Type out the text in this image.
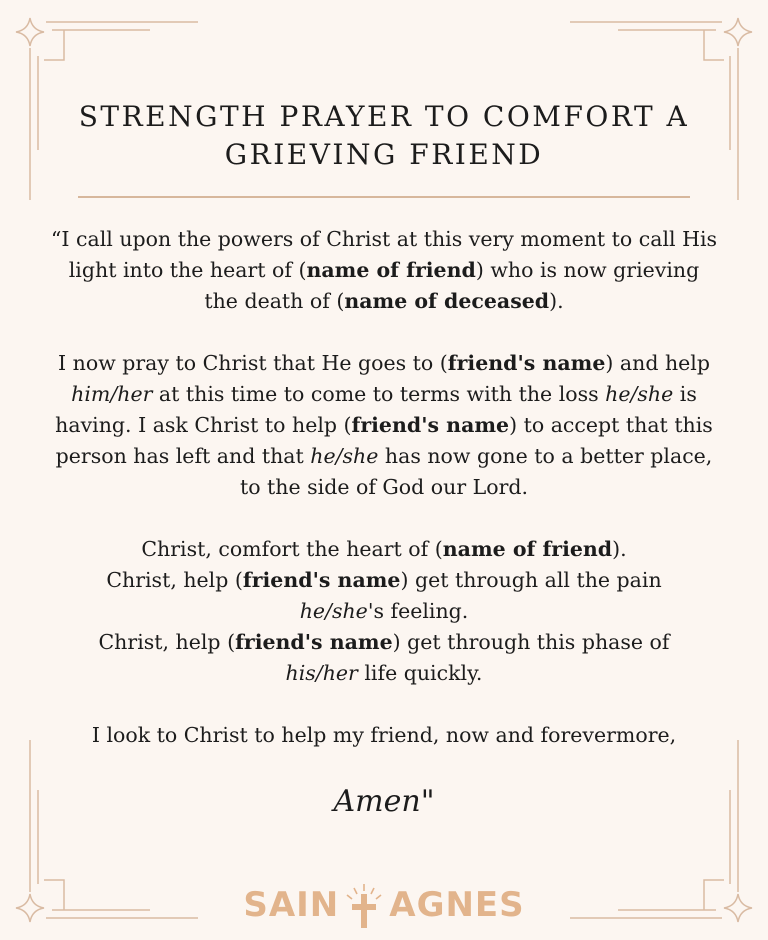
STRENGTH PRAYER TO COMFORT A GRIEVING FRIEND

“I call upon the powers of Christ at this very moment to call His light into the heart of (name of friend) who is now grieving the death of (name of deceased).

I now pray to Christ that He goes to (friend's name) and help him/her at this time to come to terms with the loss he/she is having. I ask Christ to help (friend's name) to accept that this person has left and that he/she has now gone to a better place, to the side of God our Lord.

Christ, comfort the heart of (name of friend).
Christ, help (friend's name) get through all the pain
he/she's feeling.
Christ, help (friend's name) get through this phase of
his/her life quickly.

I look to Christ to help my friend, now and forevermore,

Amen"
SAIN AGNES
